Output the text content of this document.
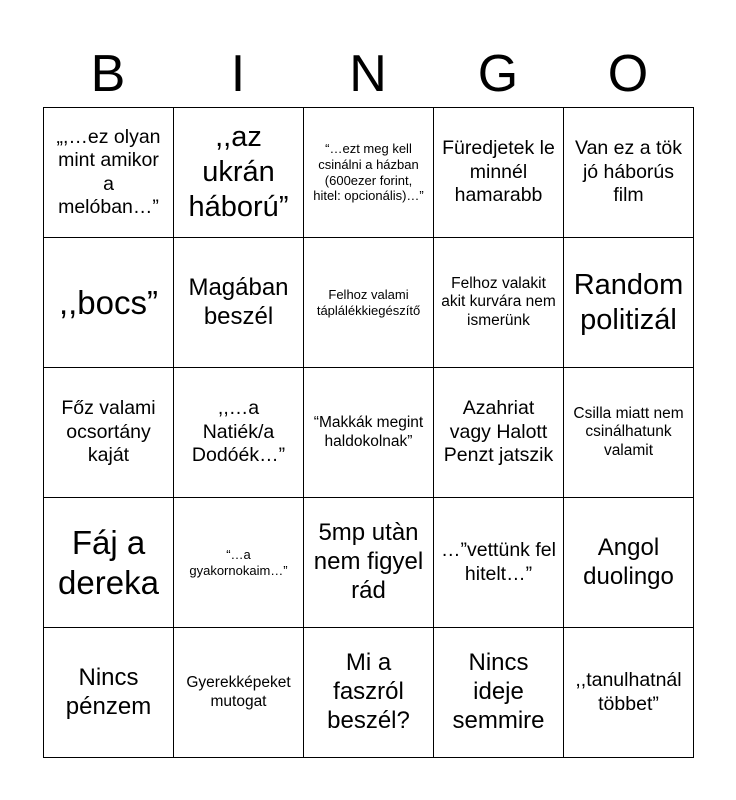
B	I	N	G	O
„,…ez olyan mint amikor a melóban…”	,,az ukrán háború”	“…ezt meg kell csinálni a házban (600ezer forint, hitel: opcionális)…”	Füredjetek le minnél hamarabb	Van ez a tök jó háborús film
,,bocs”	Magában beszél	Felhoz valami táplálékkiegészítő	Felhoz valakit akit kurvára nem ismerünk	Random politizál
Főz valami ocsortány kaját	,,…a Natiék/a Dodóék…”	“Makkák megint haldokolnak”	Azahriat vagy Halott Penzt jatszik	Csilla miatt nem csinálhatunk valamit
Fáj a dereka	“…a gyakornokaim…”	5mp utàn nem figyel rád	…”vettünk fel hitelt…”	Angol duolingo
Nincs pénzem	Gyerekképeket mutogat	Mi a faszról beszél?	Nincs ideje semmire	,,tanulhatnál többet”
